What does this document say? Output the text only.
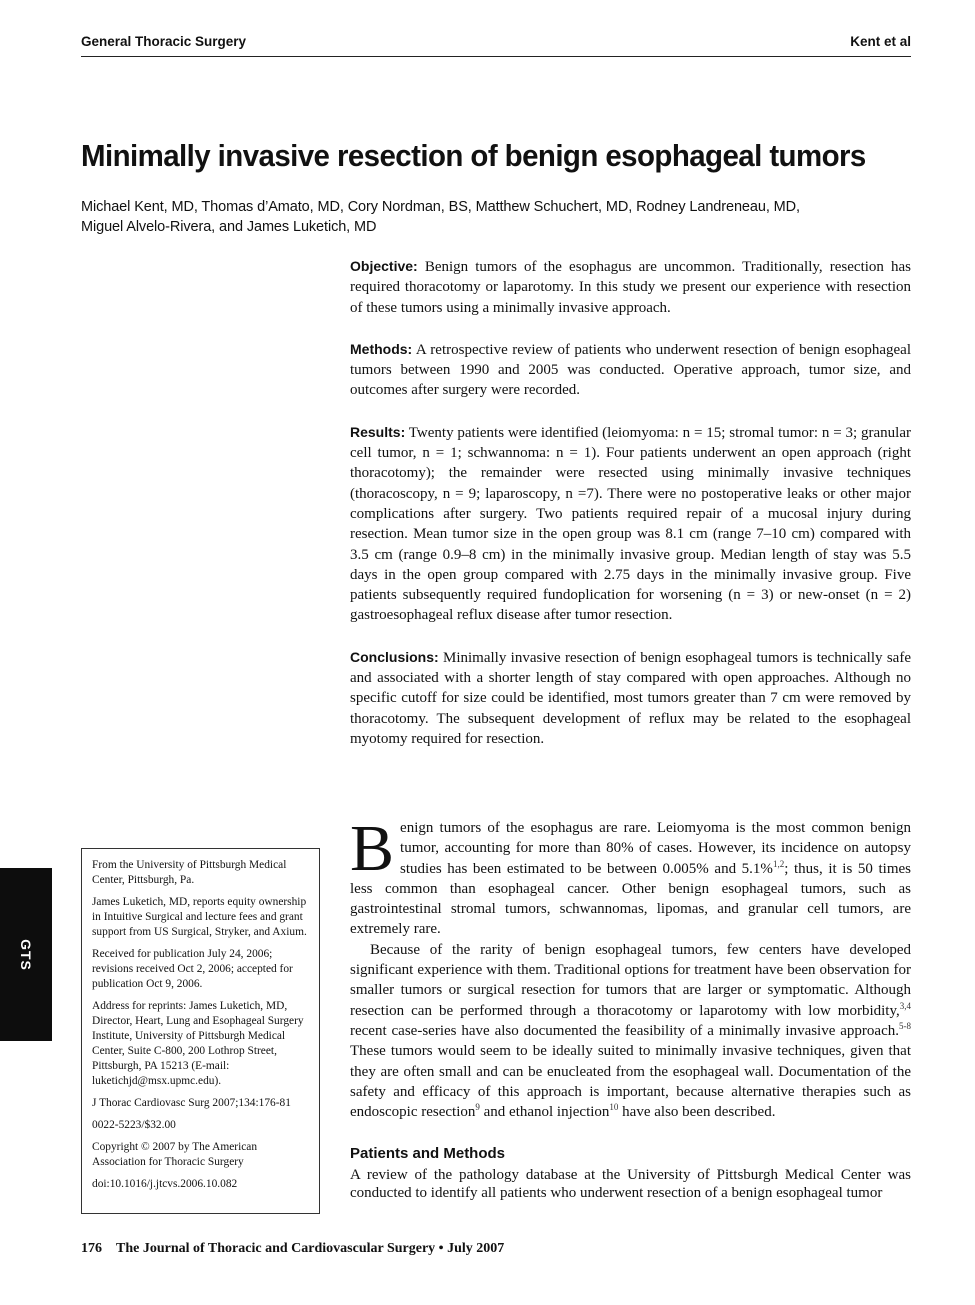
General Thoracic Surgery	Kent et al
Minimally invasive resection of benign esophageal tumors
Michael Kent, MD, Thomas d’Amato, MD, Cory Nordman, BS, Matthew Schuchert, MD, Rodney Landreneau, MD,
Miguel Alvelo-Rivera, and James Luketich, MD

Objective: Benign tumors of the esophagus are uncommon. Traditionally, resection has required thoracotomy or laparotomy. In this study we present our experience with resection of these tumors using a minimally invasive approach.

Methods: A retrospective review of patients who underwent resection of benign esophageal tumors between 1990 and 2005 was conducted. Operative approach, tumor size, and outcomes after surgery were recorded.

Results: Twenty patients were identified (leiomyoma: n = 15; stromal tumor: n = 3; granular cell tumor, n = 1; schwannoma: n = 1). Four patients underwent an open approach (right thoracotomy); the remainder were resected using minimally invasive techniques (thoracoscopy, n = 9; laparoscopy, n =7). There were no postoperative leaks or other major complications after surgery. Two patients required repair of a mucosal injury during resection. Mean tumor size in the open group was 8.1 cm (range 7–10 cm) compared with 3.5 cm (range 0.9–8 cm) in the minimally invasive group. Median length of stay was 5.5 days in the open group compared with 2.75 days in the minimally invasive group. Five patients subsequently required fundoplication for worsening (n = 3) or new-onset (n = 2) gastroesophageal reflux disease after tumor resection.

Conclusions: Minimally invasive resection of benign esophageal tumors is technically safe and associated with a shorter length of stay compared with open approaches. Although no specific cutoff for size could be identified, most tumors greater than 7 cm were removed by thoracotomy. The subsequent development of reflux may be related to the esophageal myotomy required for resection.

GTS

From the University of Pittsburgh Medical Center, Pittsburgh, Pa.

James Luketich, MD, reports equity ownership in Intuitive Surgical and lecture fees and grant support from US Surgical, Stryker, and Axium.

Received for publication July 24, 2006; revisions received Oct 2, 2006; accepted for publication Oct 9, 2006.

Address for reprints: James Luketich, MD, Director, Heart, Lung and Esophageal Surgery Institute, University of Pittsburgh Medical Center, Suite C-800, 200 Lothrop Street, Pittsburgh, PA 15213 (E-mail: luketichjd@msx.upmc.edu).

J Thorac Cardiovasc Surg 2007;134:176-81

0022-5223/$32.00

Copyright © 2007 by The American Association for Thoracic Surgery

doi:10.1016/j.jtcvs.2006.10.082

Benign tumors of the esophagus are rare. Leiomyoma is the most common benign tumor, accounting for more than 80% of cases. However, its incidence on autopsy studies has been estimated to be between 0.005% and 5.1%$^{1,2}$; thus, it is 50 times less common than esophageal cancer. Other benign esophageal tumors, such as gastrointestinal stromal tumors, schwannomas, lipomas, and granular cell tumors, are extremely rare.

Because of the rarity of benign esophageal tumors, few centers have developed significant experience with them. Traditional options for treatment have been observation for smaller tumors or surgical resection for tumors that are larger or symptomatic. Although resection can be performed through a thoracotomy or laparotomy with low morbidity,$^{3,4}$ recent case-series have also documented the feasibility of a minimally invasive approach.$^{5-8}$ These tumors would seem to be ideally suited to minimally invasive techniques, given that they are often small and can be enucleated from the esophageal wall. Documentation of the safety and efficacy of this approach is important, because alternative therapies such as endoscopic resection$^9$ and ethanol injection$^{10}$ have also been described.

Patients and Methods

A review of the pathology database at the University of Pittsburgh Medical Center was conducted to identify all patients who underwent resection of a benign esophageal tumor

176 The Journal of Thoracic and Cardiovascular Surgery • July 2007
